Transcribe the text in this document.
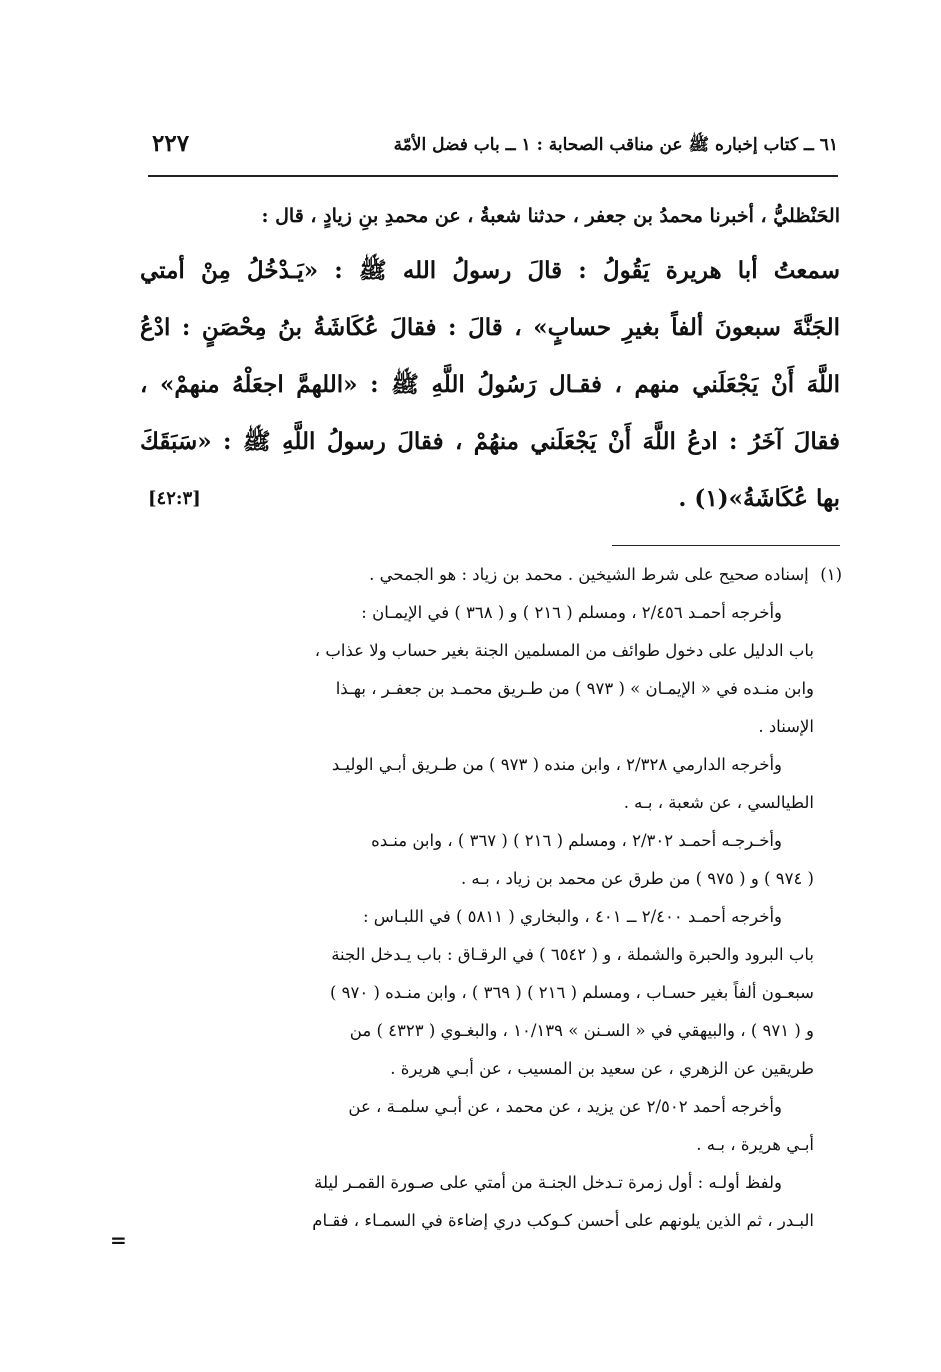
٦١ ــ كتاب إخباره ﷺ عن مناقب الصحابة : ١ ــ باب فضل الأمّة
٢٢٧
الحَنْظليُّ ، أخبرنا محمدُ بن جعفر ، حدثنا شعبةُ ، عن محمدِ بنِ زيادٍ ، قال :
سمعتُ أبا هريرة يَقُولُ : قالَ رسولُ الله ﷺ : «يَـدْخُلُ مِنْ أمتي
الجَنَّةَ سبعونَ ألفاً بغيرِ حسابٍ» ، قالَ : فقالَ عُكَاشَةُ بنُ مِحْصَنٍ : ادْعُ
اللَّهَ أَنْ يَجْعَلَني منهم ، فقـال رَسُولُ اللَّهِ ﷺ : «اللهمَّ اجعَلْهُ منهمْ» ،
فقالَ آخَرُ : ادعُ اللَّهَ أَنْ يَجْعَلَني منهُمْ ، فقالَ رسولُ اللَّهِ ﷺ : «سَبَقَكَ
بها عُكَاشَةُ»(١) .
[٤٢:٣]
(١) إسناده صحيح على شرط الشيخين . محمد بن زياد : هو الجمحي .
وأخرجه أحمـد ٢/٤٥٦ ، ومسلم ( ٢١٦ ) و ( ٣٦٨ ) في الإيمـان :
باب الدليل على دخول طوائف من المسلمين الجنة بغير حساب ولا عذاب ،
وابن منـده في « الإيمـان » ( ٩٧٣ ) من طـريق محمـد بن جعفـر ، بهـذا
الإسناد .
وأخرجه الدارمي ٢/٣٢٨ ، وابن منده ( ٩٧٣ ) من طـريق أبـي الوليـد
الطيالسي ، عن شعبة ، بـه .
وأخـرجـه أحمـد ٢/٣٠٢ ، ومسلم ( ٢١٦ ) ( ٣٦٧ ) ، وابن منـده
( ٩٧٤ ) و ( ٩٧٥ ) من طرق عن محمد بن زياد ، بـه .
وأخرجه أحمـد ٢/٤٠٠ ــ ٤٠١ ، والبخاري ( ٥٨١١ ) في اللبـاس :
باب البرود والحبرة والشملة ، و ( ٦٥٤٢ ) في الرقـاق : باب يـدخل الجنة
سبعـون ألفاً بغير حسـاب ، ومسلم ( ٢١٦ ) ( ٣٦٩ ) ، وابن منـده ( ٩٧٠ )
و ( ٩٧١ ) ، والبيهقي في « السـنن » ١٠/١٣٩ ، والبغـوي ( ٤٣٢٣ ) من
طريقين عن الزهري ، عن سعيد بن المسيب ، عن أبـي هريرة .
وأخرجه أحمد ٢/٥٠٢ عن يزيد ، عن محمد ، عن أبـي سلمـة ، عن
أبـي هريرة ، بـه .
ولفظ أولـه : أول زمرة تـدخل الجنـة من أمتي على صـورة القمـر ليلة
البـدر ، ثم الذين يلونهم على أحسن كـوكب دري إضاءة في السمـاء ، فقـام
=
